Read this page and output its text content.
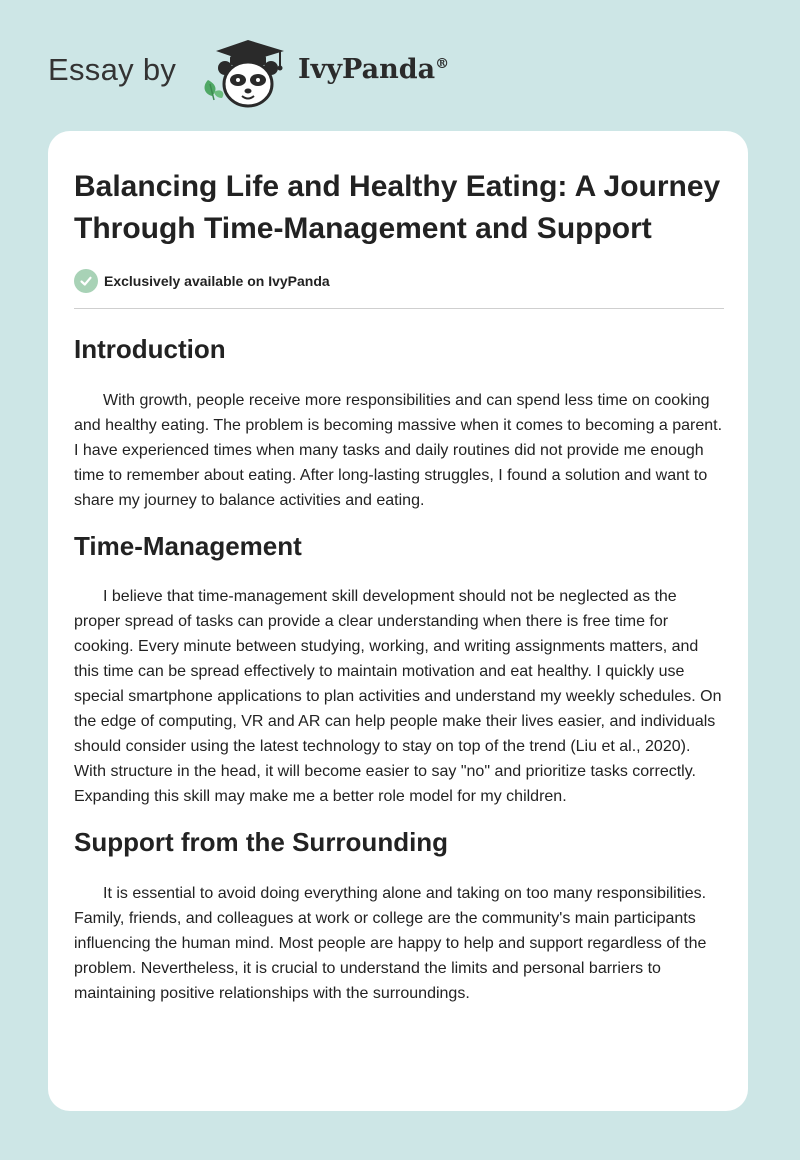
Essay by	IvyPanda®
Balancing Life and Healthy Eating: A Journey Through Time-Management and Support
Exclusively available on IvyPanda
Introduction

With growth, people receive more responsibilities and can spend less time on cooking and healthy eating. The problem is becoming massive when it comes to becoming a parent. I have experienced times when many tasks and daily routines did not provide me enough time to remember about eating. After long-lasting struggles, I found a solution and want to share my journey to balance activities and eating.

Time-Management

I believe that time-management skill development should not be neglected as the proper spread of tasks can provide a clear understanding when there is free time for cooking. Every minute between studying, working, and writing assignments matters, and this time can be spread effectively to maintain motivation and eat healthy. I quickly use special smartphone applications to plan activities and understand my weekly schedules. On the edge of computing, VR and AR can help people make their lives easier, and individuals should consider using the latest technology to stay on top of the trend (Liu et al., 2020). With structure in the head, it will become easier to say "no" and prioritize tasks correctly. Expanding this skill may make me a better role model for my children.

Support from the Surrounding

It is essential to avoid doing everything alone and taking on too many responsibilities. Family, friends, and colleagues at work or college are the community's main participants influencing the human mind. Most people are happy to help and support regardless of the problem. Nevertheless, it is crucial to understand the limits and personal barriers to maintaining positive relationships with the surroundings.
